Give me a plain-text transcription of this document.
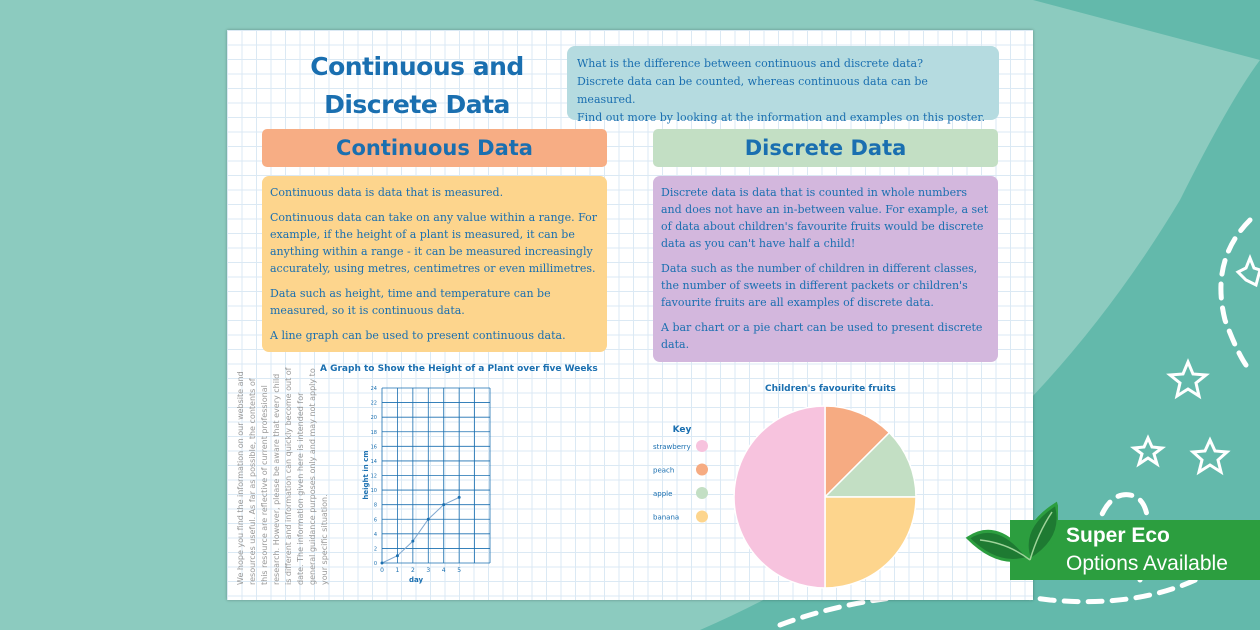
Continuous and Discrete Data
What is the difference between continuous and discrete data?
Discrete data can be counted, whereas continuous data can be measured.
Find out more by looking at the information and examples on this poster.
Continuous Data

Continuous data is data that is measured.

Continuous data can take on any value within a range. For example, if the height of a plant is measured, it can be anything within a range - it can be measured increasingly accurately, using metres, centimetres or even millimetres.

Data such as height, time and temperature can be measured, so it is continuous data.

A line graph can be used to present continuous data.

Discrete Data

Discrete data is data that is counted in whole numbers and does not have an in-between value. For example, a set of data about children's favourite fruits would be discrete data as you can't have half a child!

Data such as the number of children in different classes, the number of sweets in different packets or children's favourite fruits are all examples of discrete data.

A bar chart or a pie chart can be used to present discrete data.

We hope you find the information on our website and resources useful. As far as possible, the contents of this resource are reflective of current professional research. However, please be aware that every child is different and information can quickly become out of date. The information given here is intended for general guidance purposes only and may not apply to your specific situation.
A Graph to Show the Height of a Plant over five Weeks
Children's favourite fruits
0
2
4
6
8
10
12
14
16
18
20
22
24
0 1 2 3 4 5
day
height in cm
Key
strawberry
peach
apple
banana
Super Eco
Options Available
